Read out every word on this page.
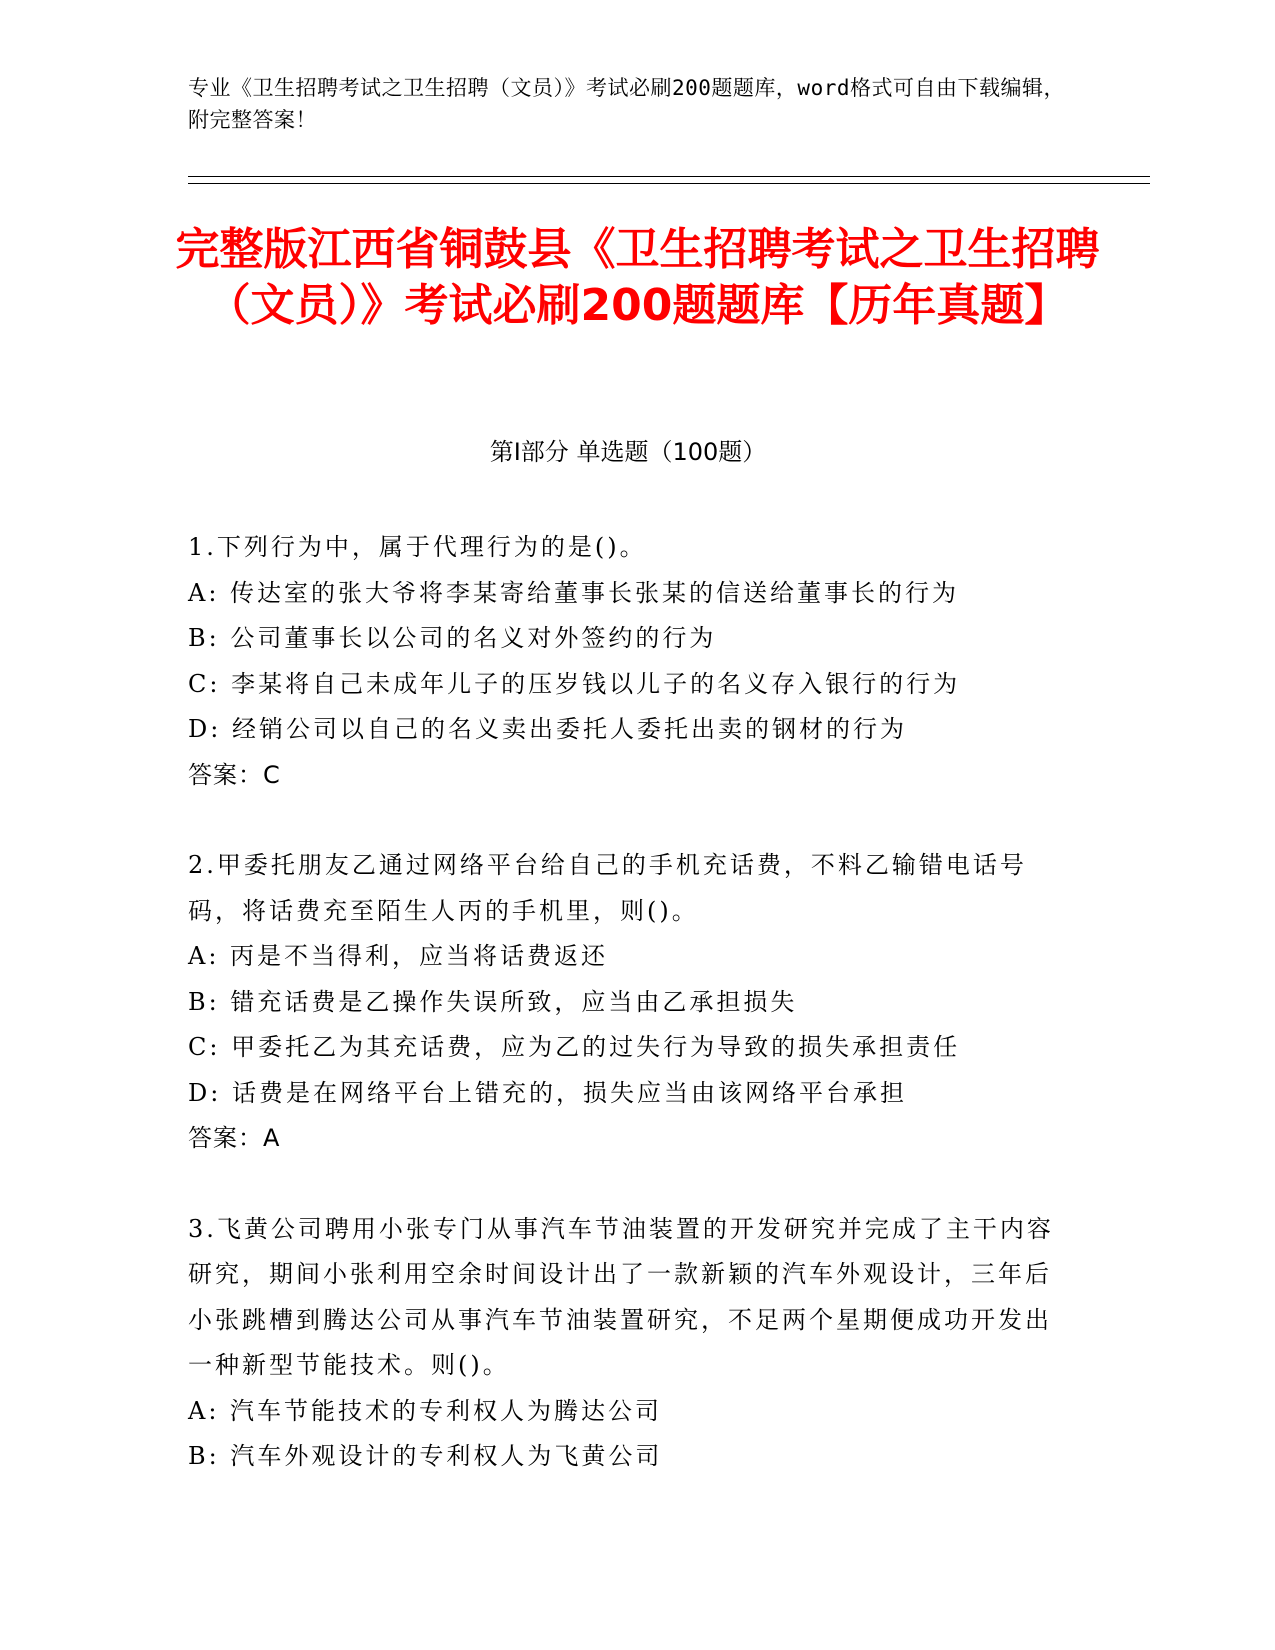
专业《卫生招聘考试之卫生招聘（文员）》考试必刷200题题库，word格式可自由下载编辑，附完整答案！
完整版江西省铜鼓县《卫生招聘考试之卫生招聘（文员）》考试必刷200题题库【历年真题】
第I部分 单选题（100题）

1.下列行为中，属于代理行为的是()。

A: 传达室的张大爷将李某寄给董事长张某的信送给董事长的行为

B: 公司董事长以公司的名义对外签约的行为

C: 李某将自己未成年儿子的压岁钱以儿子的名义存入银行的行为

D: 经销公司以自己的名义卖出委托人委托出卖的钢材的行为

答案：C

2.甲委托朋友乙通过网络平台给自己的手机充话费，不料乙输错电话号码，将话费充至陌生人丙的手机里，则()。

A: 丙是不当得利，应当将话费返还

B: 错充话费是乙操作失误所致，应当由乙承担损失

C: 甲委托乙为其充话费，应为乙的过失行为导致的损失承担责任

D: 话费是在网络平台上错充的，损失应当由该网络平台承担

答案：A

3.飞黄公司聘用小张专门从事汽车节油装置的开发研究并完成了主干内容研究，期间小张利用空余时间设计出了一款新颖的汽车外观设计，三年后小张跳槽到腾达公司从事汽车节油装置研究，不足两个星期便成功开发出一种新型节能技术。则()。

A: 汽车节能技术的专利权人为腾达公司

B: 汽车外观设计的专利权人为飞黄公司
